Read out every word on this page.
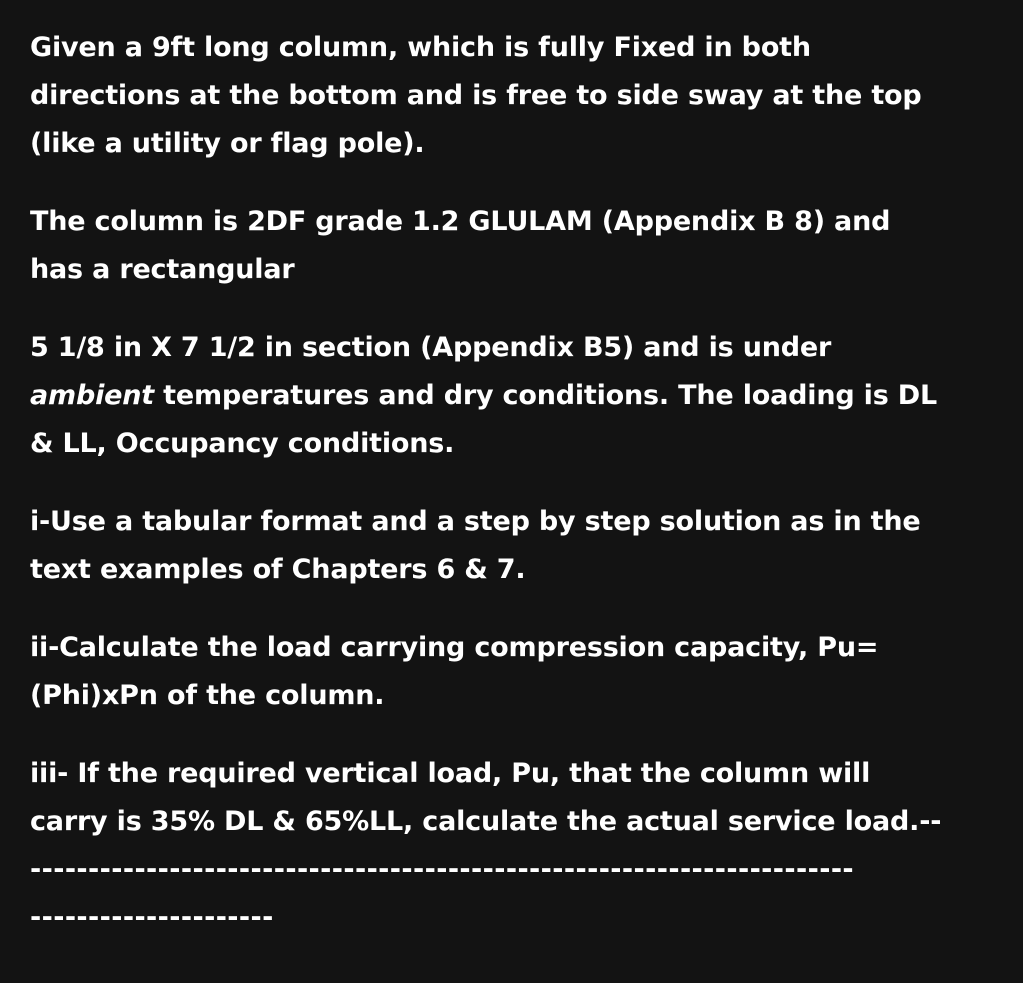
Given a 9ft long column, which is fully Fixed in both
directions at the bottom and is free to side sway at the top
(like a utility or flag pole).

The column is 2DF grade 1.2 GLULAM (Appendix B 8) and
has a rectangular

5 1/8 in X 7 1/2 in section (Appendix B5) and is under
ambient temperatures and dry conditions. The loading is DL
& LL, Occupancy conditions.

i-Use a tabular format and a step by step solution as in the
text examples of Chapters 6 & 7.

ii-Calculate the load carrying compression capacity, Pu=
(Phi)xPn of the column.

iii- If the required vertical load, Pu, that the column will
carry is 35% DL & 65%LL, calculate the actual service load.--
-----------------------------------------------------------------------
---------------------
